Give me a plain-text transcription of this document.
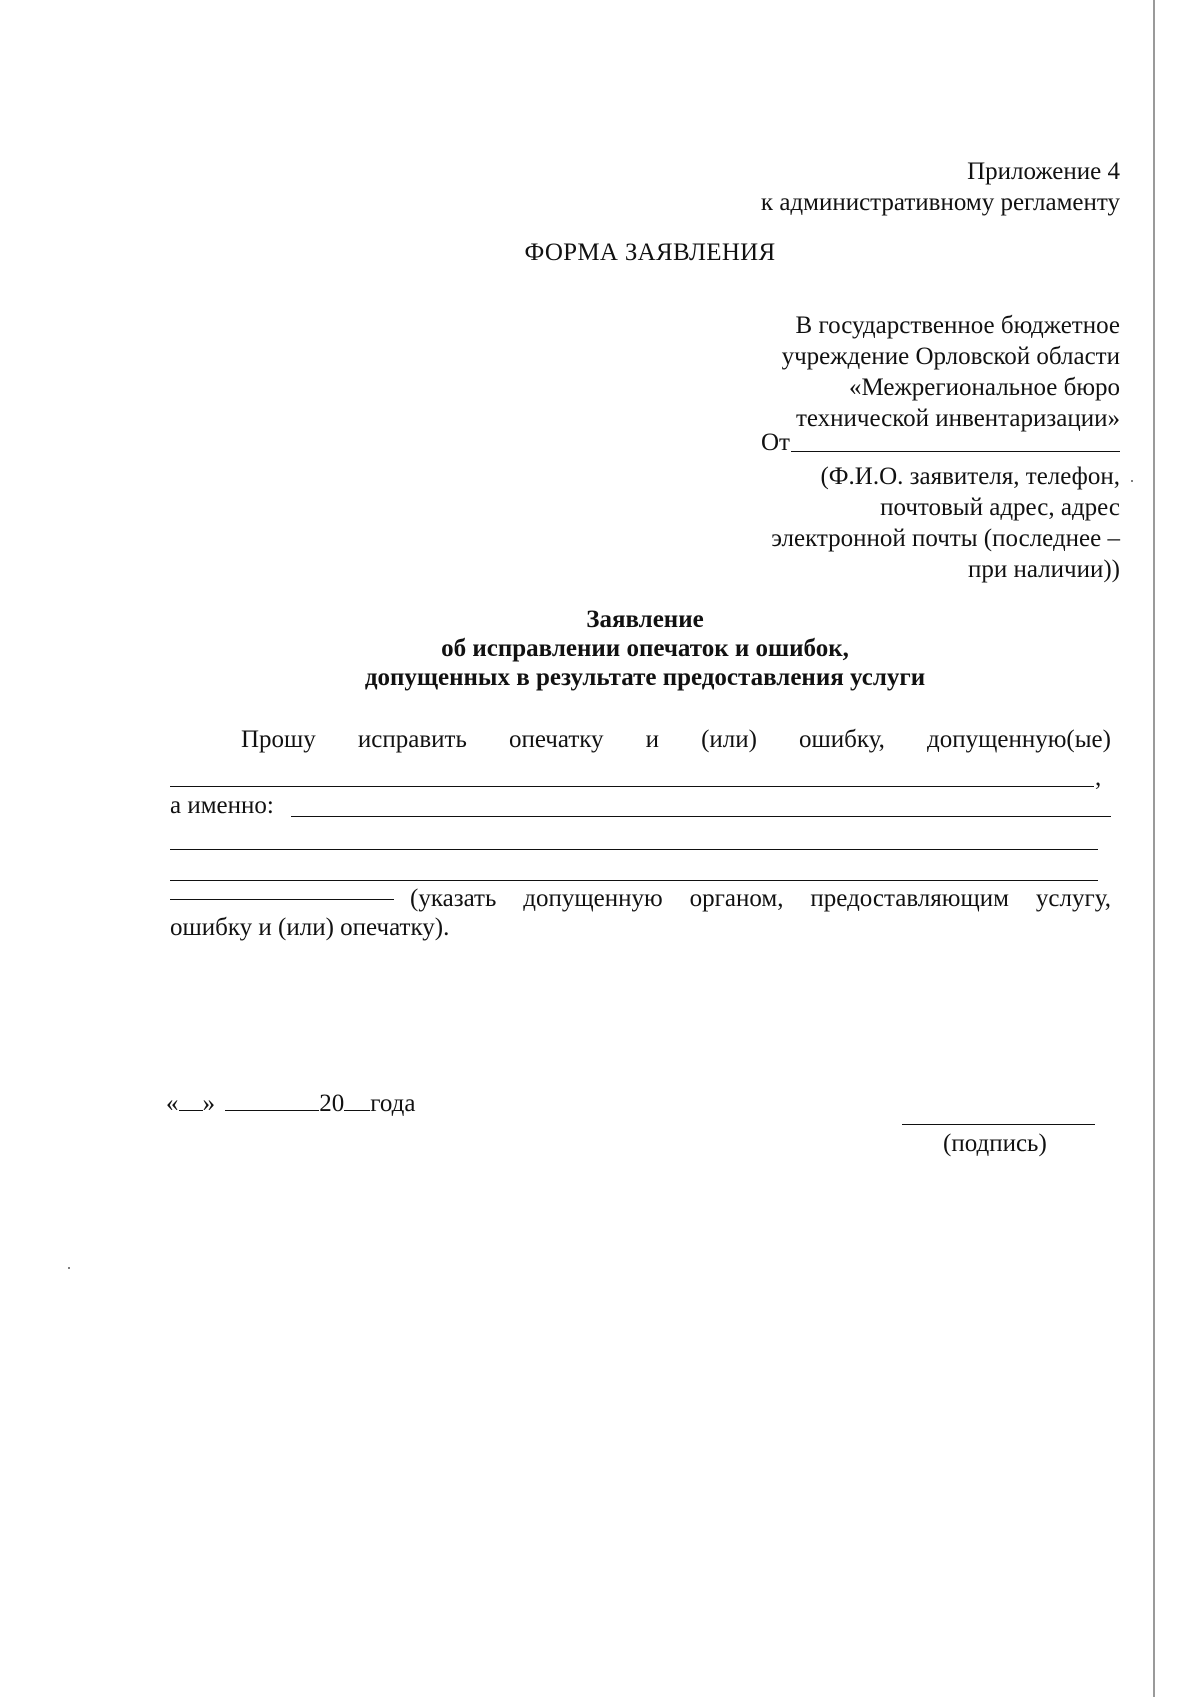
Приложение 4
к административному регламенту
ФОРМА ЗАЯВЛЕНИЯ
В государственное бюджетное
учреждение Орловской области
«Межрегиональное бюро
технической инвентаризации»
От
(Ф.И.О. заявителя, телефон,
почтовый адрес, адрес
электронной почты (последнее –
при наличии))
Заявление
об исправлении опечаток и ошибок,
допущенных в результате предоставления услуги
Прошу исправить опечатку и (или) ошибку, допущенную(ые)
,
а именно:
(указать допущенную органом, предоставляющим услугу,
ошибку и (или) опечатку).
« »	20 года
(подпись)
